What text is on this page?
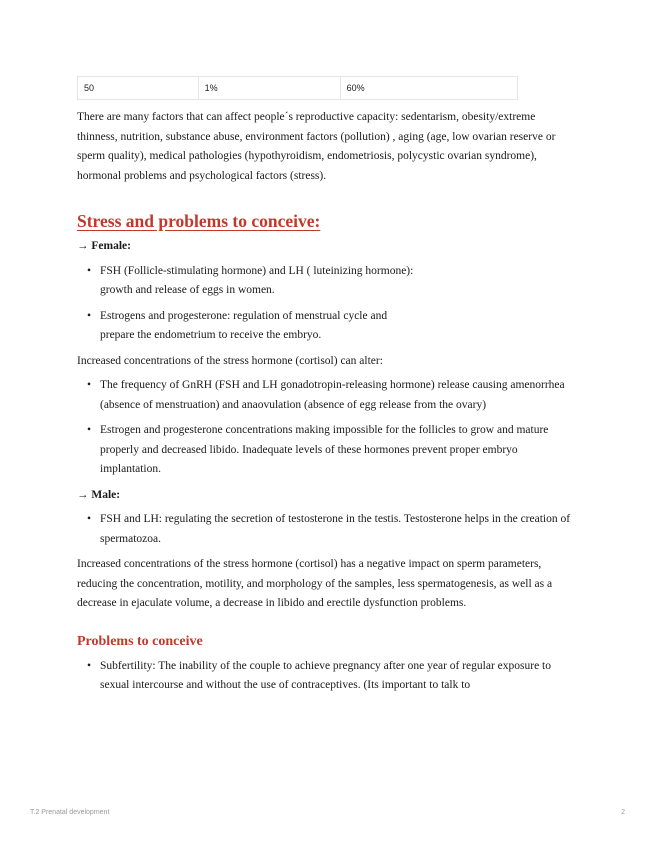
50	1%	60%

There are many factors that can affect people´s reproductive capacity: sedentarism, obesity/extreme thinness, nutrition, substance abuse, environment factors (pollution) , aging (age, low ovarian reserve or sperm quality), medical pathologies (hypothyroidism, endometriosis, polycystic ovarian syndrome), hormonal problems and psychological factors (stress).

Stress and problems to conceive:

→ Female:

• FSH (Follicle-stimulating hormone) and LH ( luteinizing hormone):
growth and release of eggs in women.
• Estrogens and progesterone: regulation of menstrual cycle and
prepare the endometrium to receive the embryo.

Increased concentrations of the stress hormone (cortisol) can alter:

• The frequency of GnRH (FSH and LH gonadotropin-releasing hormone) release causing amenorrhea (absence of menstruation) and anaovulation (absence of egg release from the ovary)
• Estrogen and progesterone concentrations making impossible for the follicles to grow and mature properly and decreased libido. Inadequate levels of these hormones prevent proper embryo implantation.

→ Male:

• FSH and LH: regulating the secretion of testosterone in the testis. Testosterone helps in the creation of spermatozoa.

Increased concentrations of the stress hormone (cortisol) has a negative impact on sperm parameters, reducing the concentration, motility, and morphology of the samples, less spermatogenesis, as well as a decrease in ejaculate volume, a decrease in libido and erectile dysfunction problems.

Problems to conceive
• Subfertility: The inability of the couple to achieve pregnancy after one year of regular exposure to sexual intercourse and without the use of contraceptives. (Its important to talk to
T.2 Prenatal development	2
